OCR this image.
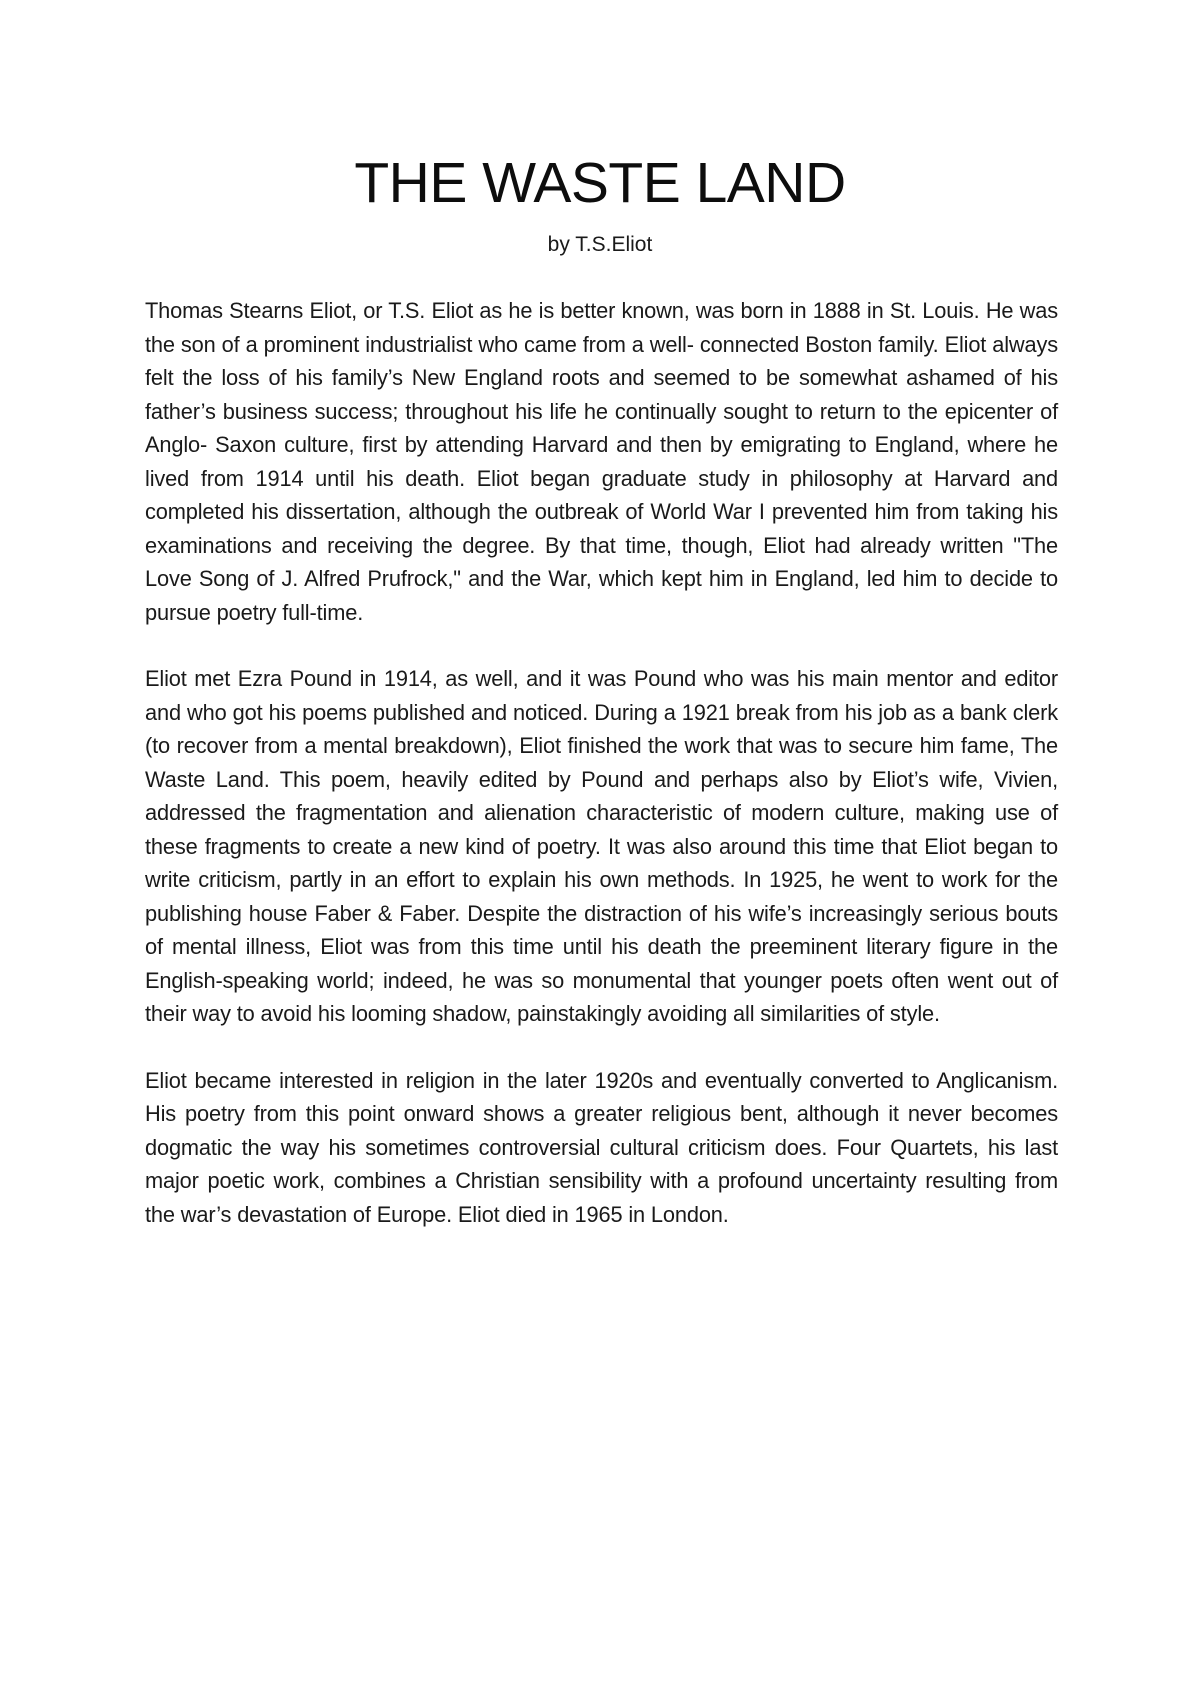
THE WASTE LAND
by T.S.Eliot

Thomas Stearns Eliot, or T.S. Eliot as he is better known, was born in 1888 in St. Louis. He was the son of a prominent industrialist who came from a well- connected Boston family. Eliot always felt the loss of his family’s New England roots and seemed to be somewhat ashamed of his father’s business success; throughout his life he continually sought to return to the epicenter of Anglo- Saxon culture, first by attending Harvard and then by emigrating to England, where he lived from 1914 until his death. Eliot began graduate study in philosophy at Harvard and completed his dissertation, although the outbreak of World War I prevented him from taking his examinations and receiving the degree. By that time, though, Eliot had already written "The Love Song of J. Alfred Prufrock," and the War, which kept him in England, led him to decide to pursue poetry full-time.

Eliot met Ezra Pound in 1914, as well, and it was Pound who was his main mentor and editor and who got his poems published and noticed. During a 1921 break from his job as a bank clerk (to recover from a mental breakdown), Eliot finished the work that was to secure him fame, The Waste Land. This poem, heavily edited by Pound and perhaps also by Eliot’s wife, Vivien, addressed the fragmentation and alienation characteristic of modern culture, making use of these fragments to create a new kind of poetry. It was also around this time that Eliot began to write criticism, partly in an effort to explain his own methods. In 1925, he went to work for the publishing house Faber & Faber. Despite the distraction of his wife’s increasingly serious bouts of mental illness, Eliot was from this time until his death the preeminent literary figure in the English-speaking world; indeed, he was so monumental that younger poets often went out of their way to avoid his looming shadow, painstakingly avoiding all similarities of style.

Eliot became interested in religion in the later 1920s and eventually converted to Anglicanism. His poetry from this point onward shows a greater religious bent, although it never becomes dogmatic the way his sometimes controversial cultural criticism does. Four Quartets, his last major poetic work, combines a Christian sensibility with a profound uncertainty resulting from the war’s devastation of Europe. Eliot died in 1965 in London.
